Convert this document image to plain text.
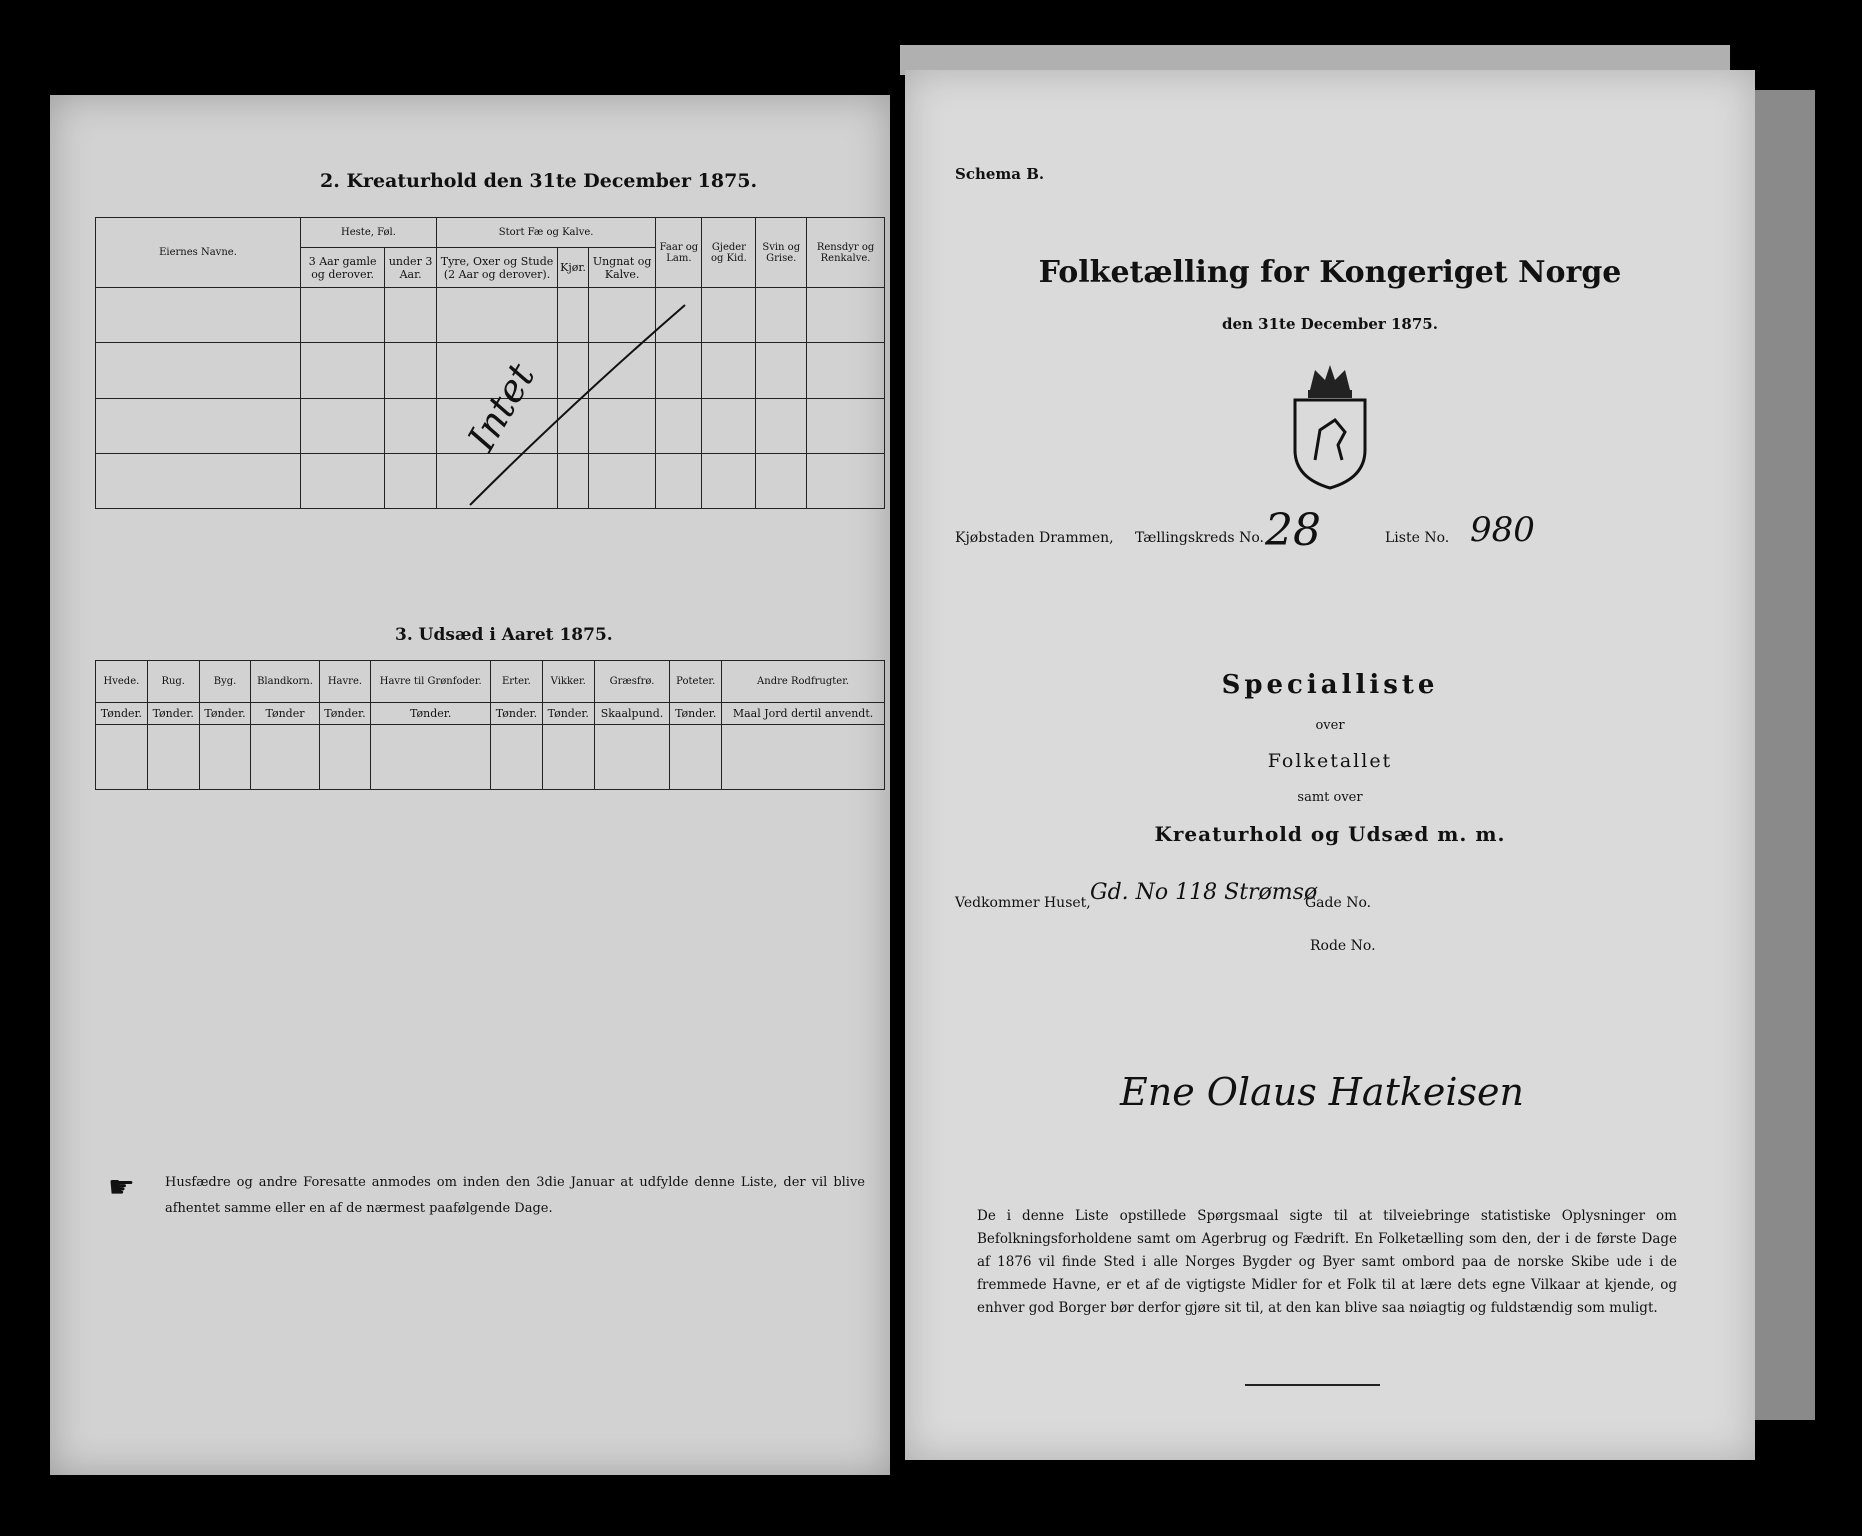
2. Kreaturhold den 31te December 1875.
Eiernes Navne.	Heste, Føl.		Stort Fæ og Kalve.			Faar og Lam.	Gjeder og Kid.	Svin og Grise.	Rensdyr og Renkalve.
	3 Aar gamle og derover.	under 3 Aar.	Tyre, Oxer og Stude (2 Aar og derover).	Kjør.	Ungnat og Kalve.				

Intet
3. Udsæd i Aaret 1875.
Hvede.	Rug.	Byg.	Blandkorn.	Havre.	Havre til Grønfoder.	Erter.	Vikker.	Græsfrø.	Poteter.	Andre Rodfrugter.
Tønder.	Tønder.	Tønder.	Tønder	Tønder.	Tønder.	Tønder.	Tønder.	Skaalpund.	Tønder.	Maal Jord dertil anvendt.

☛ Husfædre og andre Foresatte anmodes om inden den 3die Januar at udfylde denne Liste, der vil blive afhentet samme eller en af de nærmest paafølgende Dage.
Schema B.
Folketælling for Kongeriget Norge
den 31te December 1875.
Kjøbstaden Drammen, Tællingskreds No. 28	Liste No. 980
Specialliste
over
Folketallet
samt over
Kreaturhold og Udsæd m. m.
Vedkommer Huset, Gd. No 118 Strømsø
Gade No.
Rode No.
Ene Olaus Hatkeisen
De i denne Liste opstillede Spørgsmaal sigte til at tilveiebringe statistiske Oplysninger om Befolkningsforholdene samt om Agerbrug og Fædrift. En Folketælling som den, der i de første Dage af 1876 vil finde Sted i alle Norges Bygder og Byer samt ombord paa de norske Skibe ude i de fremmede Havne, er et af de vigtigste Midler for et Folk til at lære dets egne Vilkaar at kjende, og enhver god Borger bør derfor gjøre sit til, at den kan blive saa nøiagtig og fuldstændig som muligt.
